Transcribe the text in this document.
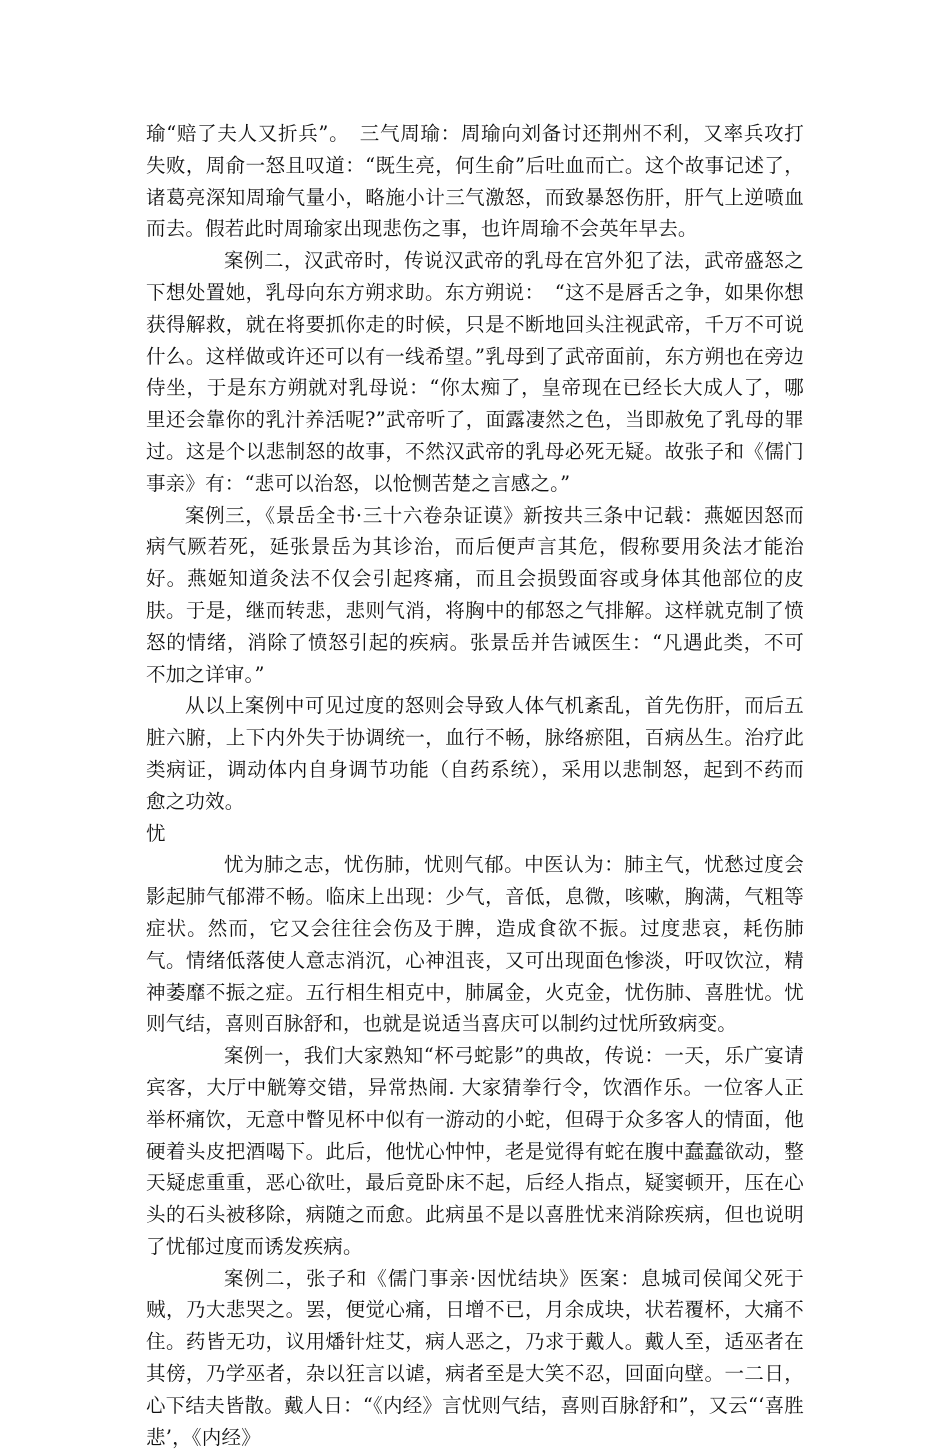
瑜“赔了夫人又折兵”。　三气周瑜：周瑜向刘备讨还荆州不利，又率兵攻打失败，周俞一怒且叹道：“既生亮，何生俞”后吐血而亡。这个故事记述了，诸葛亮深知周瑜气量小，略施小计三气激怒，而致暴怒伤肝，肝气上逆喷血而去。假若此时周瑜家出现悲伤之事，也许周瑜不会英年早去。

案例二，汉武帝时，传说汉武帝的乳母在宫外犯了法，武帝盛怒之下想处置她，乳母向东方朔求助。东方朔说：　“这不是唇舌之争，如果你想获得解救，就在将要抓你走的时候，只是不断地回头注视武帝，千万不可说什么。这样做或许还可以有一线希望。”乳母到了武帝面前，东方朔也在旁边侍坐，于是东方朔就对乳母说：“你太痴了，皇帝现在已经长大成人了，哪里还会靠你的乳汁养活呢?”武帝听了，面露凄然之色，当即赦免了乳母的罪过。这是个以悲制怒的故事，不然汉武帝的乳母必死无疑。故张子和《儒门事亲》有：“悲可以治怒，以怆恻苦楚之言感之。”

案例三，《景岳全书·三十六卷杂证谟》新按共三条中记载：燕姬因怒而病气厥若死，延张景岳为其诊治，而后便声言其危，假称要用灸法才能治好。燕姬知道灸法不仅会引起疼痛，而且会损毁面容或身体其他部位的皮肤。于是，继而转悲，悲则气消，将胸中的郁怒之气排解。这样就克制了愤怒的情绪，消除了愤怒引起的疾病。张景岳并告诫医生：“凡遇此类，不可不加之详审。”

从以上案例中可见过度的怒则会导致人体气机紊乱，首先伤肝，而后五脏六腑，上下内外失于协调统一，血行不畅，脉络瘀阻，百病丛生。治疗此类病证，调动体内自身调节功能（自药系统），采用以悲制怒，起到不药而愈之功效。

忧

忧为肺之志，忧伤肺，忧则气郁。中医认为：肺主气，忧愁过度会影起肺气郁滞不畅。临床上出现：少气，音低，息微，咳嗽，胸满，气粗等症状。然而，它又会往往会伤及于脾，造成食欲不振。过度悲哀，耗伤肺气。情绪低落使人意志消沉，心神沮丧，又可出现面色惨淡，吁叹饮泣，精神萎靡不振之症。五行相生相克中，肺属金，火克金，忧伤肺、喜胜忧。忧则气结，喜则百脉舒和，也就是说适当喜庆可以制约过忧所致病变。

案例一，我们大家熟知“杯弓蛇影”的典故，传说：一天，乐广宴请宾客，大厅中觥筹交错，异常热闹. 大家猜拳行令，饮酒作乐。一位客人正举杯痛饮，无意中瞥见杯中似有一游动的小蛇，但碍于众多客人的情面，他硬着头皮把酒喝下。此后，他忧心忡忡，老是觉得有蛇在腹中蠢蠢欲动，整天疑虑重重，恶心欲吐，最后竟卧床不起，后经人指点，疑窦顿开，压在心头的石头被移除，病随之而愈。此病虽不是以喜胜忧来消除疾病，但也说明了忧郁过度而诱发疾病。

案例二，张子和《儒门事亲·因忧结块》医案：息城司侯闻父死于贼，乃大悲哭之。罢，便觉心痛，日增不已，月余成块，状若覆杯，大痛不住。药皆无功，议用燔针炷艾，病人恶之，乃求于戴人。戴人至，适巫者在其傍，乃学巫者，杂以狂言以谑，病者至是大笑不忍，回面向壁。一二日，心下结夫皆散。戴人日：“《内经》言忧则气结，喜则百脉舒和”，又云“‘喜胜悲’，《内经》
